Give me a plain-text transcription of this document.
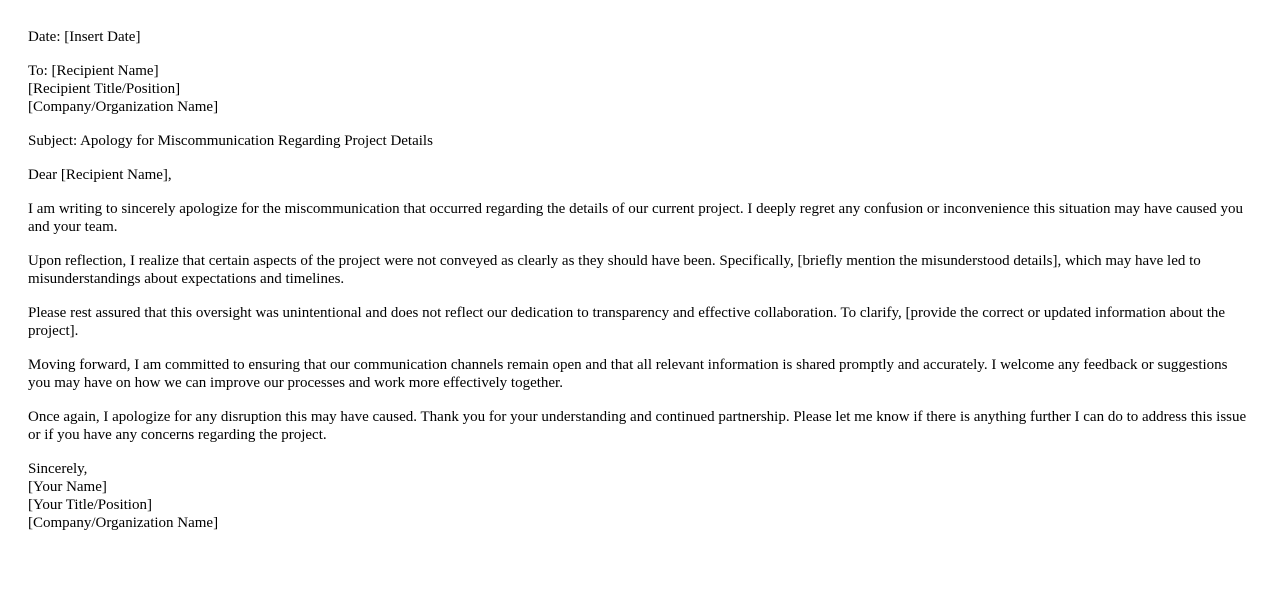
Date: [Insert Date]
To: [Recipient Name]
[Recipient Title/Position]
[Company/Organization Name]
Subject: Apology for Miscommunication Regarding Project Details
Dear [Recipient Name],

I am writing to sincerely apologize for the miscommunication that occurred regarding the details of our current project. I deeply regret any confusion or inconvenience this situation may have caused you and your team.

Upon reflection, I realize that certain aspects of the project were not conveyed as clearly as they should have been. Specifically, [briefly mention the misunderstood details], which may have led to misunderstandings about expectations and timelines.

Please rest assured that this oversight was unintentional and does not reflect our dedication to transparency and effective collaboration. To clarify, [provide the correct or updated information about the project].

Moving forward, I am committed to ensuring that our communication channels remain open and that all relevant information is shared promptly and accurately. I welcome any feedback or suggestions you may have on how we can improve our processes and work more effectively together.

Once again, I apologize for any disruption this may have caused. Thank you for your understanding and continued partnership. Please let me know if there is anything further I can do to address this issue or if you have any concerns regarding the project.

Sincerely,
[Your Name]
[Your Title/Position]
[Company/Organization Name]
